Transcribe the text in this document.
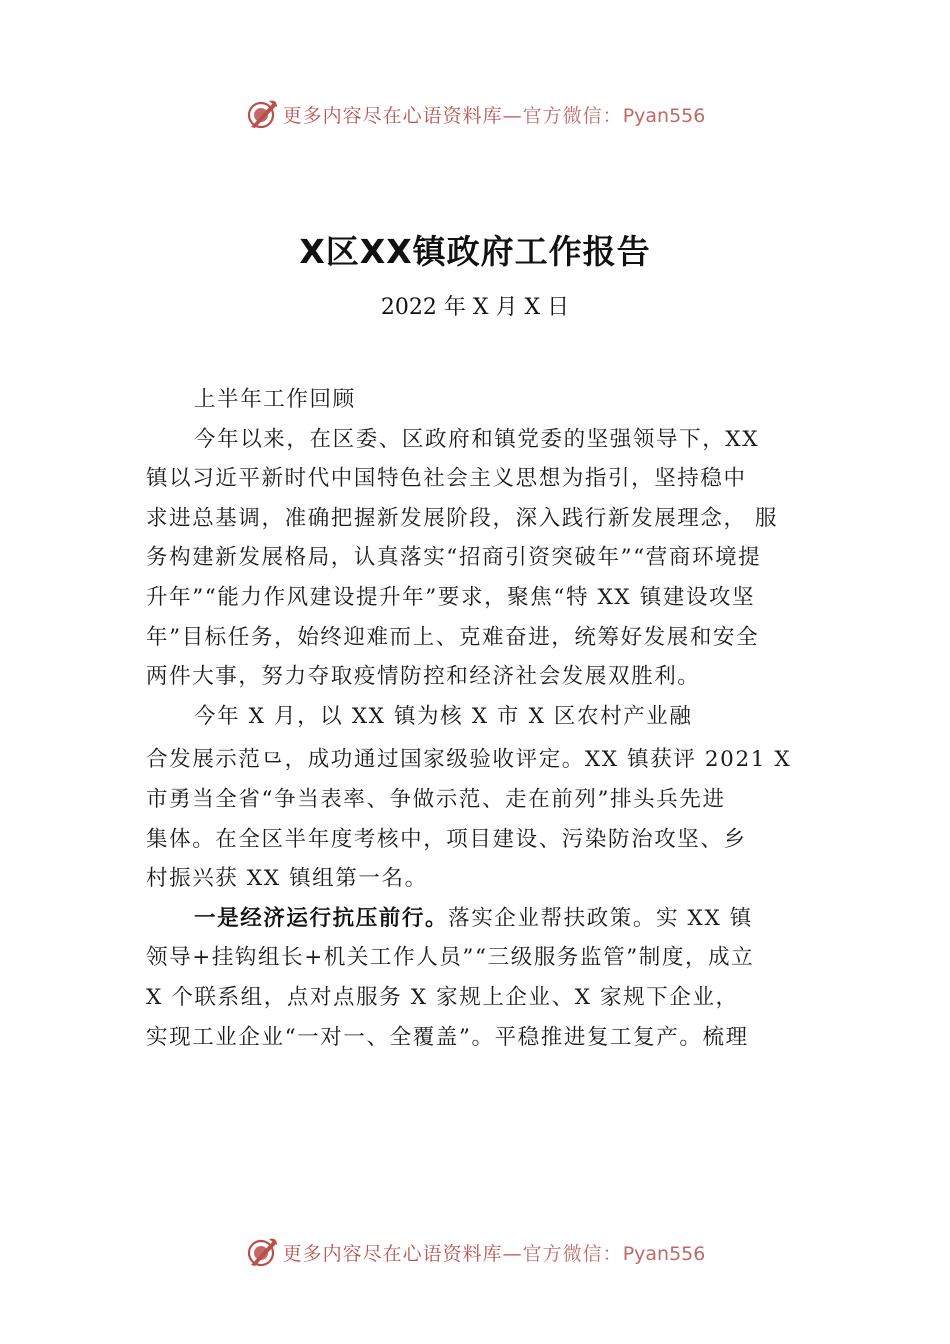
更多内容尽在心语资料库—官方微信：Pyan556
X区XX镇政府工作报告
2022 年 X 月 X 日
上半年工作回顾
今年以来，在区委、区政府和镇党委的坚强领导下，XX
镇以习近平新时代中国特色社会主义思想为指引，坚持稳中
求进总基调，准确把握新发展阶段，深入践行新发展理念， 服
务构建新发展格局，认真落实“招商引资突破年”“营商环境提
升年”“能力作风建设提升年”要求，聚焦“特 XX 镇建设攻坚
年”目标任务，始终迎难而上、克难奋进，统筹好发展和安全
两件大事，努力夺取疫情防控和经济社会发展双胜利。
今年 X 月，以 XX 镇为核 X 市 X 区农村产业融
合发展示范⺋，成功通过国家级验收评定。XX 镇获评 2021 X
市勇当全省“争当表率、争做示范、走在前列”排头兵先进
集体。在全区半年度考核中，项目建设、污染防治攻坚、乡
村振兴获 XX 镇组第一名。
一是经济运行抗压前行。落实企业帮扶政策。实 XX 镇
领导+挂钩组长+机关工作人员”“三级服务监管”制度，成立
X 个联系组，点对点服务 X 家规上企业、X 家规下企业，
实现工业企业“一对一、全覆盖”。平稳推进复工复产。梳理
更多内容尽在心语资料库—官方微信：Pyan556
